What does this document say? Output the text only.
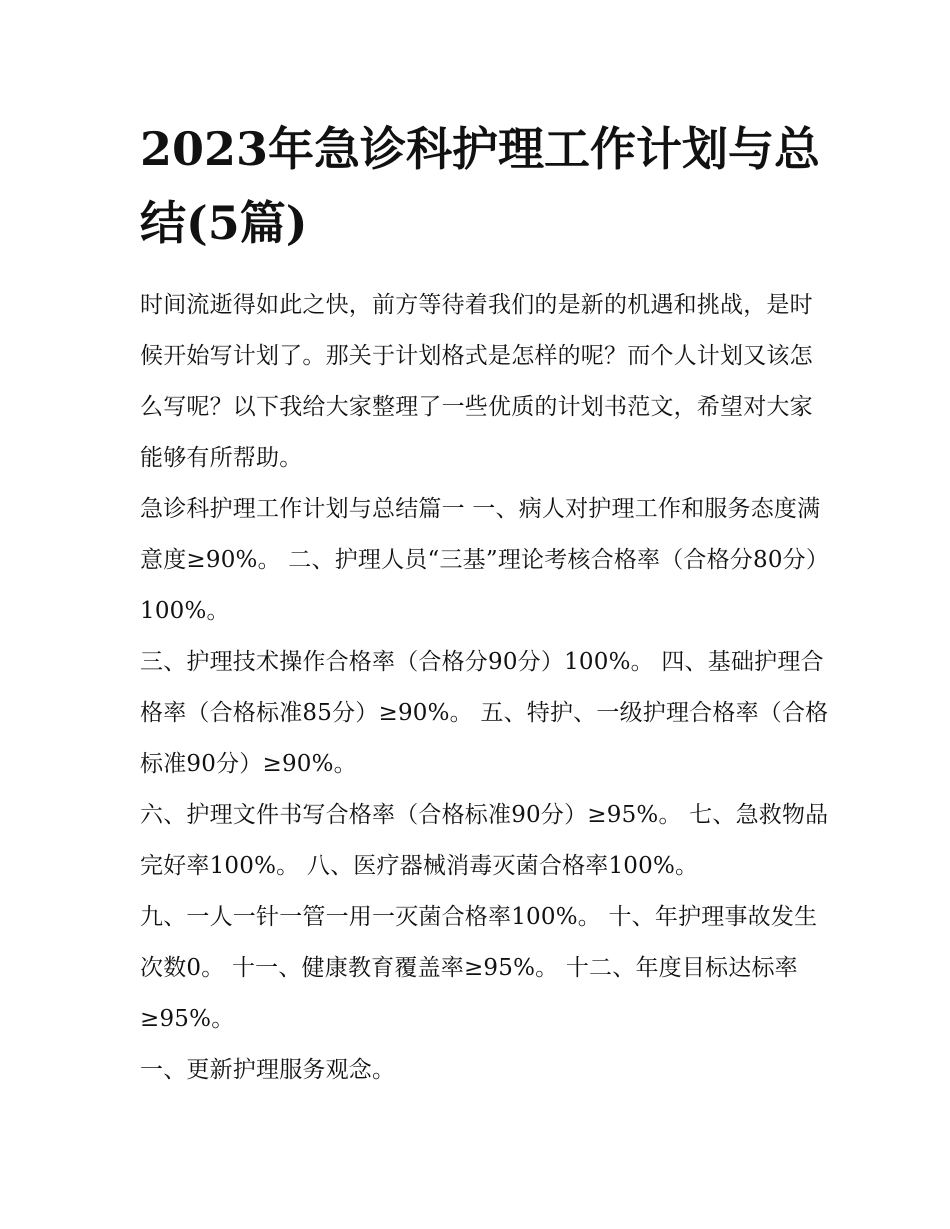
2023年急诊科护理工作计划与总结(5篇)

时间流逝得如此之快，前方等待着我们的是新的机遇和挑战，是时候开始写计划了。那关于计划格式是怎样的呢？而个人计划又该怎么写呢？以下我给大家整理了一些优质的计划书范文，希望对大家能够有所帮助。

急诊科护理工作计划与总结篇一 一、病人对护理工作和服务态度满意度≥90%。 二、护理人员“三基”理论考核合格率（合格分80分）100%。

三、护理技术操作合格率（合格分90分）100%。 四、基础护理合格率（合格标准85分）≥90%。 五、特护、一级护理合格率（合格标准90分）≥90%。

六、护理文件书写合格率（合格标准90分）≥95%。 七、急救物品完好率100%。 八、医疗器械消毒灭菌合格率100%。

九、一人一针一管一用一灭菌合格率100%。 十、年护理事故发生次数0。 十一、健康教育覆盖率≥95%。 十二、年度目标达标率≥95%。

一、更新护理服务观念。
